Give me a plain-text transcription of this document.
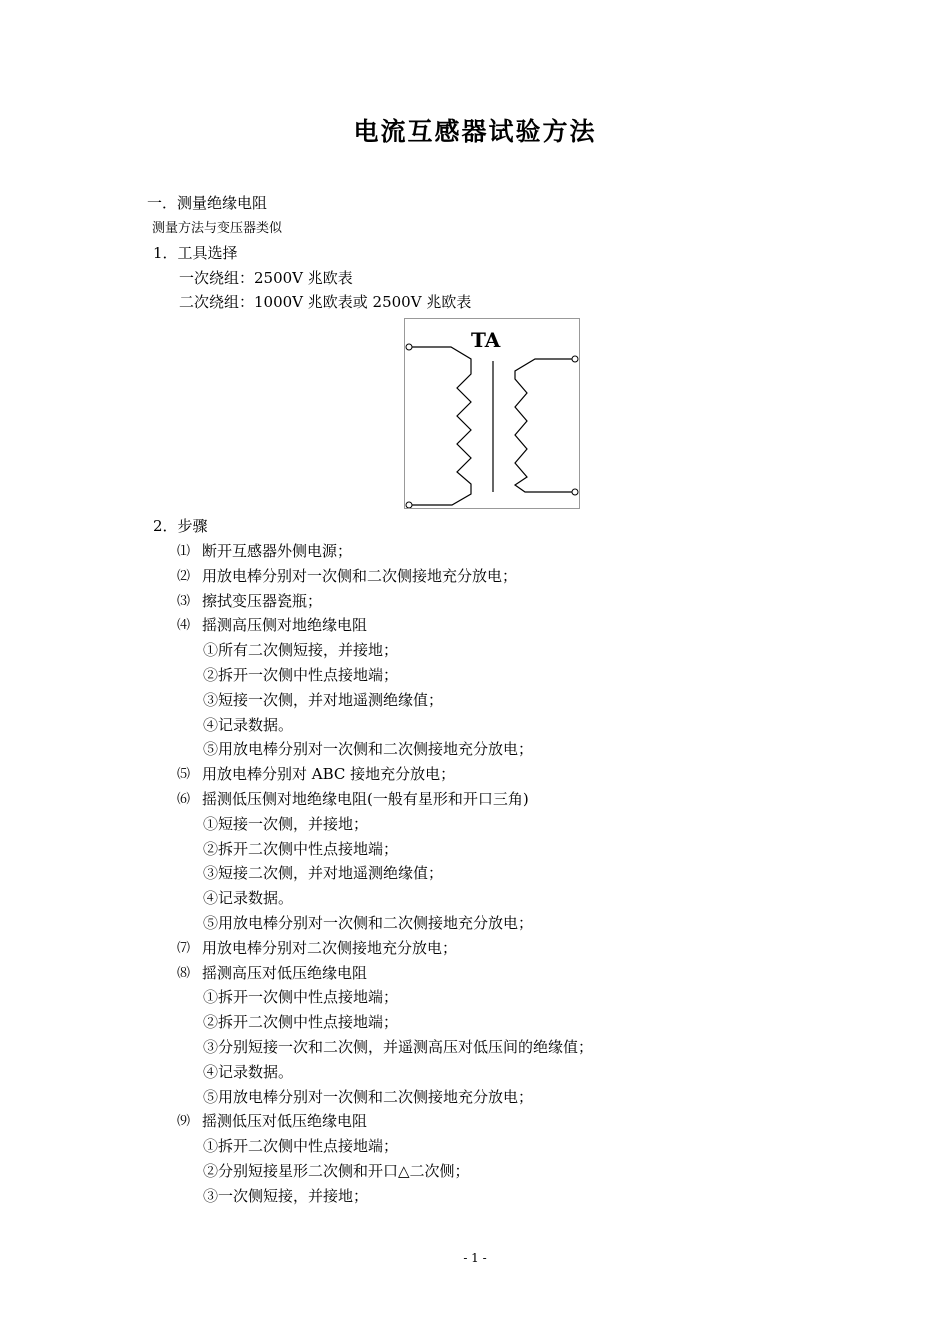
电流互感器试验方法
一．测量绝缘电阻
测量方法与变压器类似
1．工具选择
一次绕组：2500V 兆欧表
二次绕组：1000V 兆欧表或 2500V 兆欧表
TA
2．步骤
⑴ 断开互感器外侧电源；
⑵ 用放电棒分别对一次侧和二次侧接地充分放电；
⑶ 擦拭变压器瓷瓶；
⑷ 摇测高压侧对地绝缘电阻
①所有二次侧短接，并接地；
②拆开一次侧中性点接地端；
③短接一次侧，并对地遥测绝缘值；
④记录数据。
⑤用放电棒分别对一次侧和二次侧接地充分放电；
⑸ 用放电棒分别对 ABC 接地充分放电；
⑹ 摇测低压侧对地绝缘电阻(一般有星形和开口三角)
①短接一次侧，并接地；
②拆开二次侧中性点接地端；
③短接二次侧，并对地遥测绝缘值；
④记录数据。
⑤用放电棒分别对一次侧和二次侧接地充分放电；
⑺ 用放电棒分别对二次侧接地充分放电；
⑻ 摇测高压对低压绝缘电阻
①拆开一次侧中性点接地端；
②拆开二次侧中性点接地端；
③分别短接一次和二次侧，并遥测高压对低压间的绝缘值；
④记录数据。
⑤用放电棒分别对一次侧和二次侧接地充分放电；
⑼ 摇测低压对低压绝缘电阻
①拆开二次侧中性点接地端；
②分别短接星形二次侧和开口△二次侧；
③一次侧短接，并接地；
- 1 -
